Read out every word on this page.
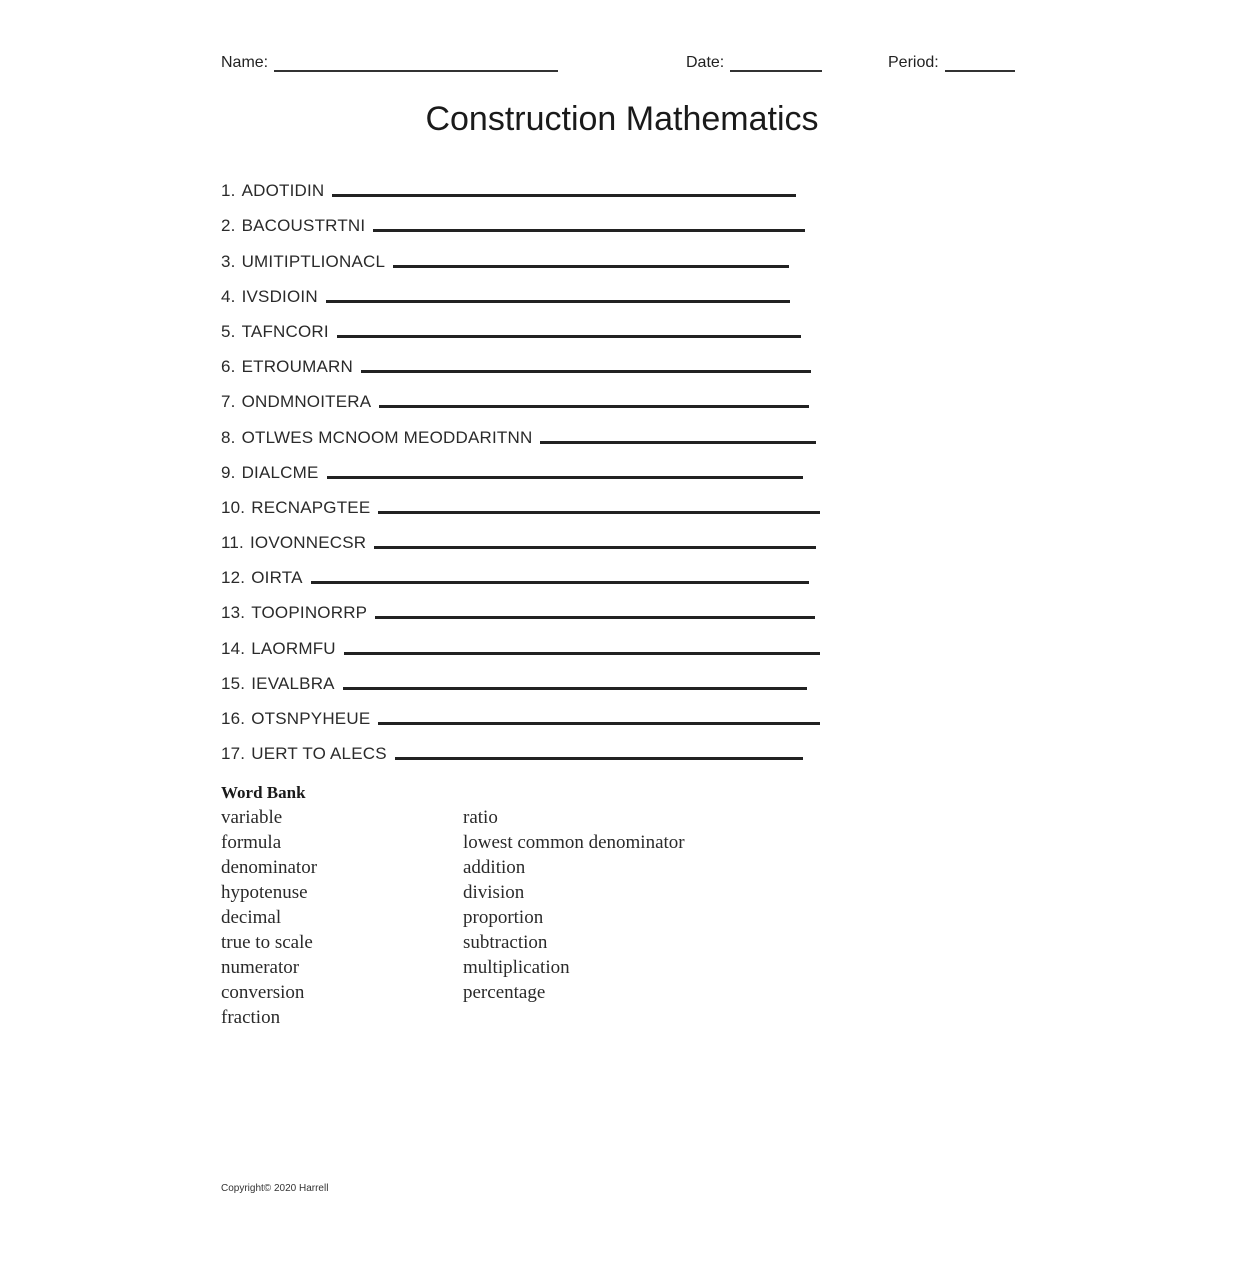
Name:	Date:	Period:
Construction Mathematics
1. ADOTIDIN
2. BACOUSTRTNI
3. UMITIPTLIONACL
4. IVSDIOIN
5. TAFNCORI
6. ETROUMARN
7. ONDMNOITERA
8. OTLWES MCNOOM MEODDARITNN
9. DIALCME
10. RECNAPGTEE
11. IOVONNECSR
12. OIRTA
13. TOOPINORRP
14. LAORMFU
15. IEVALBRA
16. OTSNPYHEUE
17. UERT TO ALECS
Word Bank
variable
formula
denominator
hypotenuse
decimal
true to scale
numerator
conversion
fraction
ratio
lowest common denominator
addition
division
proportion
subtraction
multiplication
percentage
Copyright© 2020 Harrell
